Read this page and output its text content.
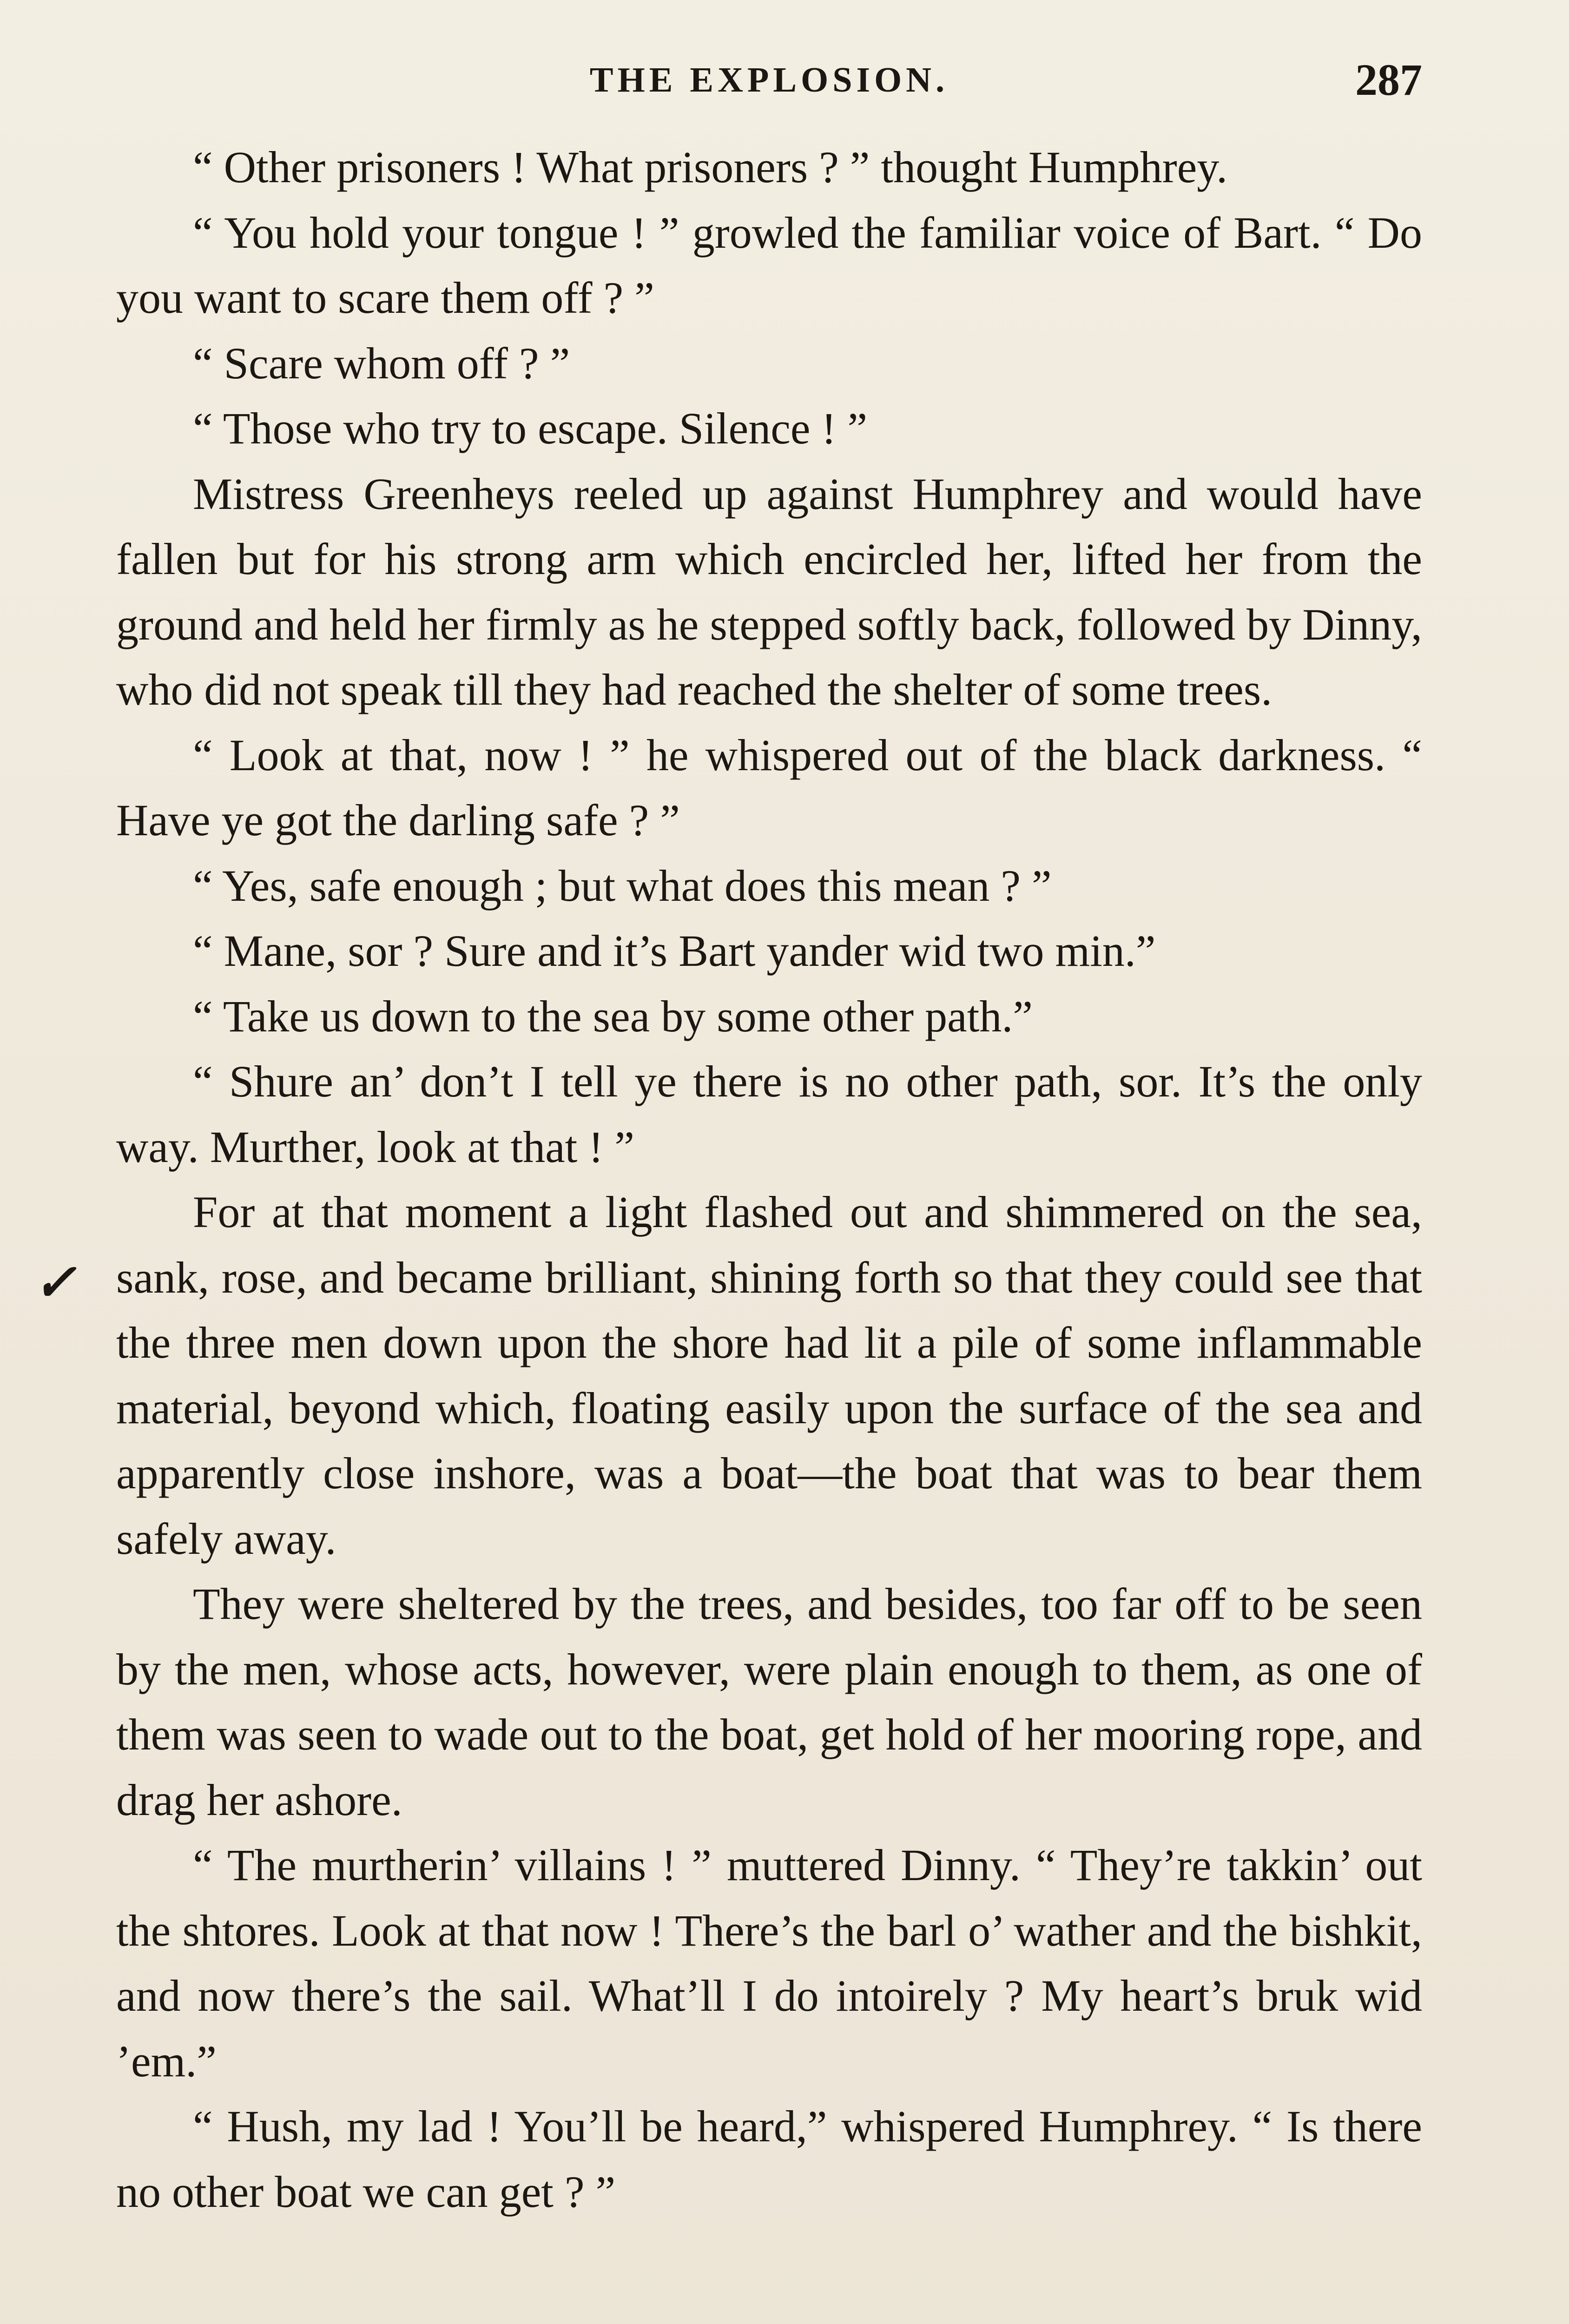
THE EXPLOSION.	287
✓

“ Other prisoners ! What prisoners ? ” thought Humphrey.

“ You hold your tongue ! ” growled the familiar voice of Bart. “ Do you want to scare them off ? ”

“ Scare whom off ? ”

“ Those who try to escape. Silence ! ”

Mistress Greenheys reeled up against Humphrey and would have fallen but for his strong arm which encircled her, lifted her from the ground and held her firmly as he stepped softly back, followed by Dinny, who did not speak till they had reached the shelter of some trees.

“ Look at that, now ! ” he whispered out of the black darkness. “ Have ye got the darling safe ? ”

“ Yes, safe enough ; but what does this mean ? ”

“ Mane, sor ? Sure and it’s Bart yander wid two min.”

“ Take us down to the sea by some other path.”

“ Shure an’ don’t I tell ye there is no other path, sor. It’s the only way. Murther, look at that ! ”

For at that moment a light flashed out and shimmered on the sea, sank, rose, and became brilliant, shining forth so that they could see that the three men down upon the shore had lit a pile of some inflammable material, beyond which, floating easily upon the surface of the sea and apparently close inshore, was a boat—the boat that was to bear them safely away.

They were sheltered by the trees, and besides, too far off to be seen by the men, whose acts, however, were plain enough to them, as one of them was seen to wade out to the boat, get hold of her mooring rope, and drag her ashore.

“ The murtherin’ villains ! ” muttered Dinny. “ They’re takkin’ out the shtores. Look at that now ! There’s the barl o’ wather and the bishkit, and now there’s the sail. What’ll I do intoirely ? My heart’s bruk wid ’em.”

“ Hush, my lad ! You’ll be heard,” whispered Humphrey. “ Is there no other boat we can get ? ”
